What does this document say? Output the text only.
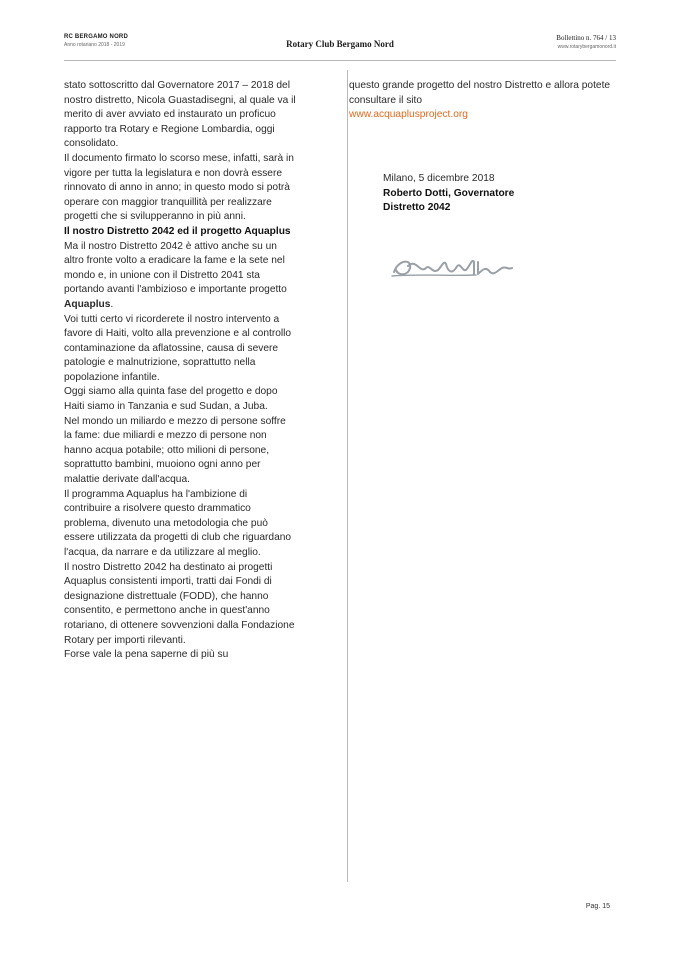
RC BERGAMO NORD
Anno rotariano 2018 - 2019	Rotary Club Bergamo Nord
Bollettino n. 764 / 13
www.rotarybergamonord.it

stato sottoscritto dal Governatore 2017 – 2018 del nostro distretto, Nicola Guastadisegni, al quale va il merito di aver avviato ed instaurato un proficuo rapporto tra Rotary e Regione Lombardia, oggi consolidato.

Il documento firmato lo scorso mese, infatti, sarà in vigore per tutta la legislatura e non dovrà essere rinnovato di anno in anno; in questo modo si potrà operare con maggior tranquillità per realizzare progetti che si svilupperanno in più anni.

Il nostro Distretto 2042 ed il progetto Aquaplus

Ma il nostro Distretto 2042 è attivo anche su un altro fronte volto a eradicare la fame e la sete nel mondo e, in unione con il Distretto 2041 sta portando avanti l'ambizioso e importante progetto Aquaplus.

Voi tutti certo vi ricorderete il nostro intervento a favore di Haiti, volto alla prevenzione e al controllo contaminazione da aflatossine, causa di severe patologie e malnutrizione, soprattutto nella popolazione infantile.

Oggi siamo alla quinta fase del progetto e dopo Haiti siamo in Tanzania e sud Sudan, a Juba.

Nel mondo un miliardo e mezzo di persone soffre la fame: due miliardi e mezzo di persone non hanno acqua potabile; otto milioni di persone, soprattutto bambini, muoiono ogni anno per malattie derivate dall'acqua.

Il programma Aquaplus ha l'ambizione di contribuire a risolvere questo drammatico problema, divenuto una metodologia che può essere utilizzata da progetti di club che riguardano l'acqua, da narrare e da utilizzare al meglio.

Il nostro Distretto 2042 ha destinato ai progetti Aquaplus consistenti importi, tratti dai Fondi di designazione distrettuale (FODD), che hanno consentito, e permettono anche in quest'anno rotariano, di ottenere sovvenzioni dalla Fondazione Rotary per importi rilevanti.

Forse vale la pena saperne di più su

questo grande progetto del nostro Distretto e allora potete consultare il sito
www.acquaplusproject.org

Milano, 5 dicembre 2018
Roberto Dotti, Governatore
Distretto 2042
Pag. 15
